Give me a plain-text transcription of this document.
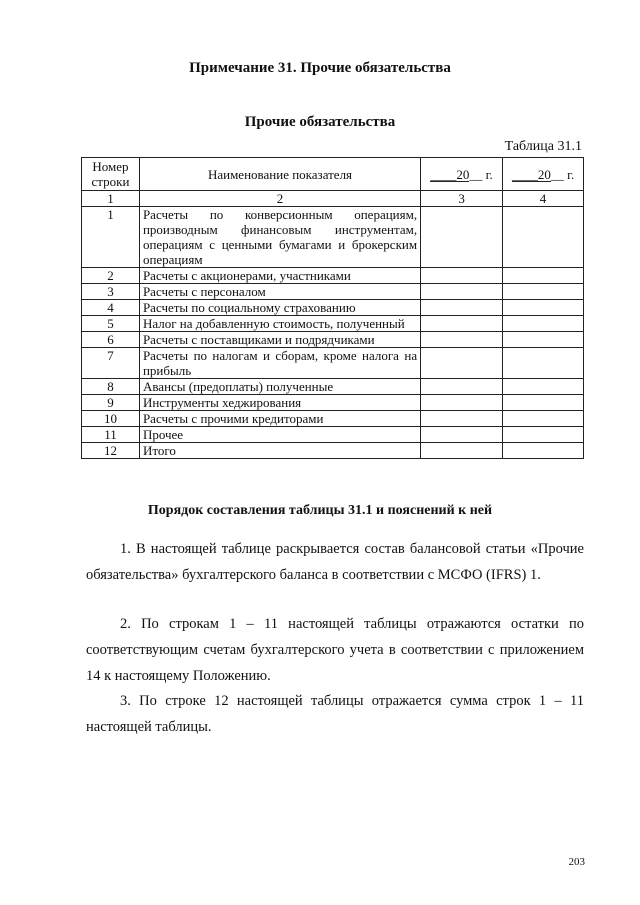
Примечание 31. Прочие обязательства
Прочие обязательства
Таблица 31.1
Номер строки	Наименование показателя	____20__ г.	____20__ г.
1	2	3	4
1	Расчеты по конверсионным операциям, производным финансовым инструментам, операциям с ценными бумагами и брокерским операциям		
2	Расчеты с акционерами, участниками		
3	Расчеты с персоналом		
4	Расчеты по социальному страхованию		
5	Налог на добавленную стоимость, полученный		
6	Расчеты с поставщиками и подрядчиками		
7	Расчеты по налогам и сборам, кроме налога на прибыль		
8	Авансы (предоплаты) полученные		
9	Инструменты хеджирования		
10	Расчеты с прочими кредиторами		
11	Прочее		
12	Итого		
Порядок составления таблицы 31.1 и пояснений к ней
1. В настоящей таблице раскрывается состав балансовой статьи «Прочие обязательства» бухгалтерского баланса в соответствии с МСФО (IFRS) 1.
2. По строкам 1 – 11 настоящей таблицы отражаются остатки по соответствующим счетам бухгалтерского учета в соответствии с приложением 14 к настоящему Положению.
3. По строке 12 настоящей таблицы отражается сумма строк 1 – 11 настоящей таблицы.
203
